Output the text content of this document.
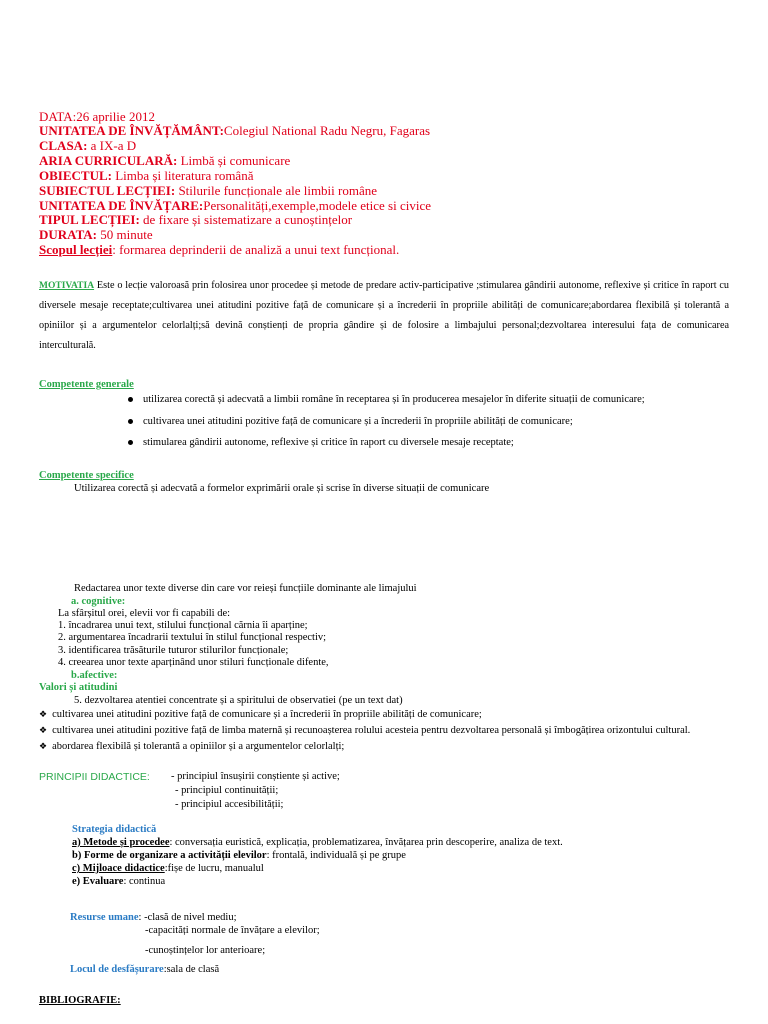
DATA:26 aprilie 2012
UNITATEA DE ÎNVĂȚĂMÂNT:Colegiul National Radu Negru, Fagaras
CLASA: a IX-a D
ARIA CURRICULARĂ: Limbă și comunicare
OBIECTUL: Limba și literatura română
SUBIECTUL LECȚIEI: Stilurile funcționale ale limbii române
UNITATEA DE ÎNVĂȚARE:Personalități,exemple,modele etice si civice
TIPUL LECȚIEI: de fixare și sistematizare a cunoștințelor
DURATA: 50 minute
Scopul lecției: formarea deprinderii de analiză a unui text funcțional.
MOTIVATIA Este o lecție valoroasă prin folosirea unor procedee și metode de predare activ-participative ;stimularea gândirii autonome, reflexive și critice în raport cu diversele mesaje receptate;cultivarea unei atitudini pozitive față de comunicare și a încrederii în propriile abilități de comunicare;abordarea flexibilă și tolerantă a opiniilor și a argumentelor celorlalți;să devină conștienți de propria gândire și de folosire a limbajului personal;dezvoltarea interesului fața de comunicarea interculturală.
Competente generale
utilizarea corectă și adecvată a limbii române în receptarea și în producerea mesajelor în diferite situații de comunicare;
cultivarea unei atitudini pozitive față de comunicare și a încrederii în propriile abilități de comunicare;
stimularea gândirii autonome, reflexive și critice în raport cu diversele mesaje receptate;
Competente specifice
Utilizarea corectă și adecvată a formelor exprimării orale și scrise în diverse situații de comunicare
Redactarea unor texte diverse din care vor reieși funcțiile dominante ale limajului
a. cognitive:
La sfârșitul orei, elevii vor fi capabili de:
1. încadrarea unui text, stilului funcțional cărnia îi aparține;
2. argumentarea încadrarii textului în stilul funcțional respectiv;
3. identificarea trăsăturile tuturor stilurilor funcționale;
4. creearea unor texte aparținând unor stiluri funcționale difente,
b.afective:
Valori și atitudini
5. dezvoltarea atentiei concentrate și a spiritului de observatiei (pe un text dat)
❖ cultivarea unei atitudini pozitive față de comunicare și a încrederii în propriile abilități de comunicare;
❖ cultivarea unei atitudini pozitive față de limba maternă și recunoașterea rolului acesteia pentru dezvoltarea personală și îmbogățirea orizontului cultural.
❖ abordarea flexibilă și tolerantă a opiniilor și a argumentelor celorlalți;
PRINCIPII DIDACTICE: - principiul însușirii conștiente și active;
- principiul continuității;
- principiul accesibilității;
Strategia didactică
a) Metode și procedee: conversația euristică, explicația, problematizarea, învățarea prin descoperire, analiza de text.
b) Forme de organizare a activității elevilor: frontală, individuală și pe grupe
c) Mijloace didactice:fișe de lucru, manualul
e) Evaluare: continua
Resurse umane: -clasă de nivel mediu;
-capacități normale de învățare a elevilor;
-cunoștințelor lor anterioare;
Locul de desfășurare:sala de clasă
BIBLIOGRAFIE:
